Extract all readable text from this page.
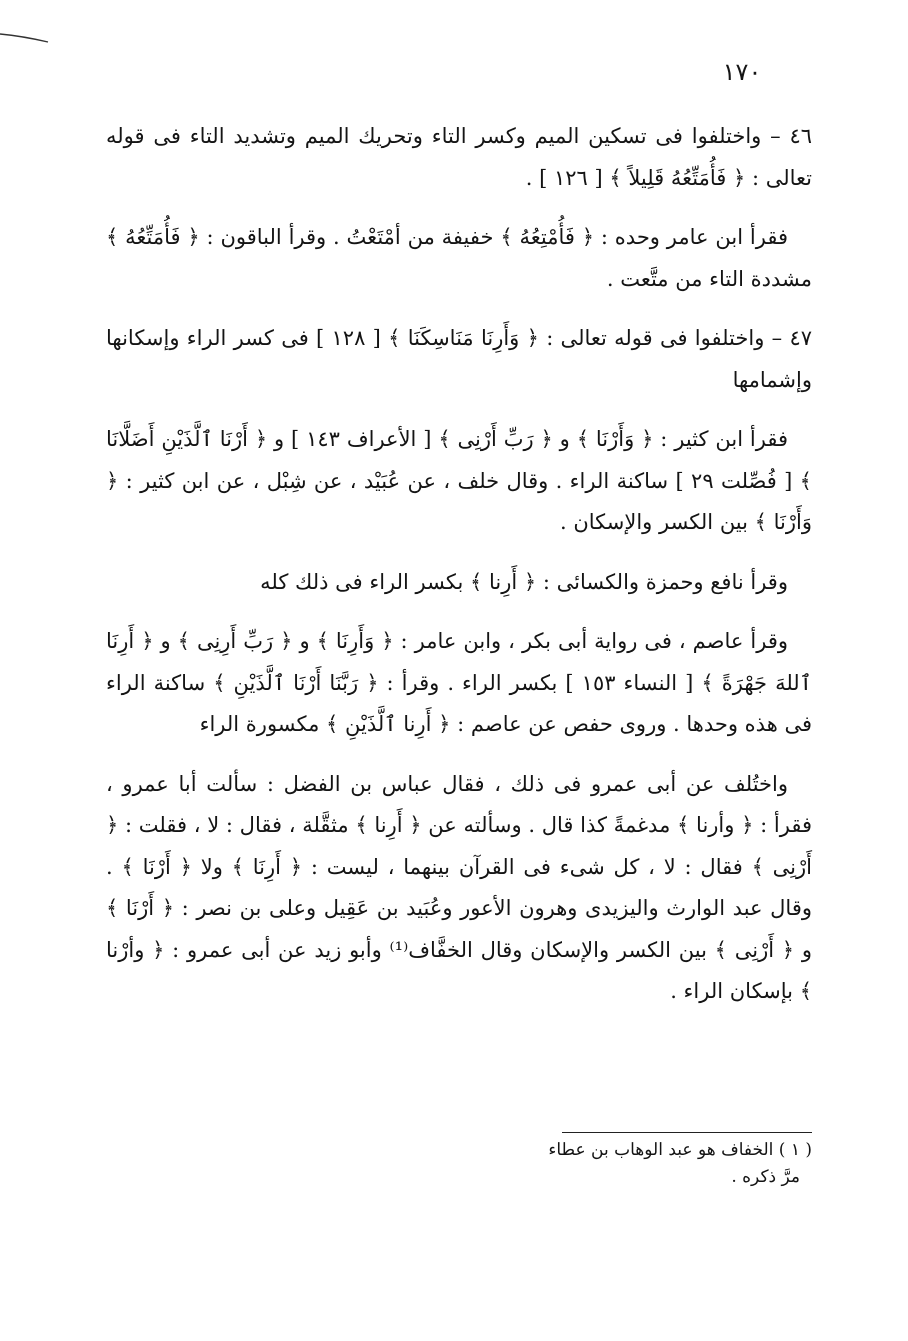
١٧٠

٤٦ – واختلفوا فى تسكين الميم وكسر التاء وتحريك الميم وتشديد التاء فى قوله تعالى : ﴿ فَأُمَتِّعُهُ قَلِيلاً ﴾ [ ١٢٦ ] .

فقرأ ابن عامر وحده : ﴿ فَأُمْتِعُهُ ﴾ خفيفة من أمْتَعْتُ . وقرأ الباقون : ﴿ فَأُمَتِّعُهُ ﴾ مشددة التاء من متَّعت .

٤٧ – واختلفوا فى قوله تعالى : ﴿ وَأَرِنَا مَنَاسِكَنَا ﴾ [ ١٢٨ ] فى كسر الراء وإسكانها وإشمامها

فقرأ ابن كثير : ﴿ وَأَرْنَا ﴾ و ﴿ رَبِّ أَرْنِى ﴾ [ الأعراف ١٤٣ ] و ﴿ أَرْنَا ٱلَّذَيْنِ أَضَلَّانَا ﴾ [ فُصِّلت ٢٩ ] ساكنة الراء . وقال خلف ، عن عُبَيْد ، عن شِبْل ، عن ابن كثير : ﴿ وَأَرْنَا ﴾ بين الكسر والإسكان .

وقرأ نافع وحمزة والكسائى : ﴿ أَرِنا ﴾ بكسر الراء فى ذلك كله

وقرأ عاصم ، فى رواية أبى بكر ، وابن عامر : ﴿ وَأَرِنَا ﴾ و ﴿ رَبِّ أَرِنِى ﴾ و ﴿ أَرِنَا ٱللهَ جَهْرَةً ﴾ [ النساء ١٥٣ ] بكسر الراء . وقرأ : ﴿ رَبَّنَا أَرْنَا ٱلَّذَيْنِ ﴾ ساكنة الراء فى هذه وحدها . وروى حفص عن عاصم : ﴿ أَرِنا ٱلَّذَيْنِ ﴾ مكسورة الراء

واختُلف عن أبى عمرو فى ذلك ، فقال عباس بن الفضل : سألت أبا عمرو ، فقرأ : ﴿ وأرنا ﴾ مدغمةً كذا قال . وسألته عن ﴿ أَرِنا ﴾ مثقَّلة ، فقال : لا ، فقلت : ﴿ أَرْنِى ﴾ فقال : لا ، كل شىء فى القرآن بينهما ، ليست : ﴿ أَرِنَا ﴾ ولا ﴿ أَرْنَا ﴾ . وقال عبد الوارث واليزيدى وهرون الأعور وعُبَيد بن عَقِيل وعلى بن نصر : ﴿ أَرْنَا ﴾ و ﴿ أَرْنِى ﴾ بين الكسر والإسكان وقال الخفَّاف⁽¹⁾ وأبو زيد عن أبى عمرو : ﴿ وأرْنا ﴾ بإسكان الراء .

( ١ ) الخفاف هو عبد الوهاب بن عطاء

مرَّ ذكره .
